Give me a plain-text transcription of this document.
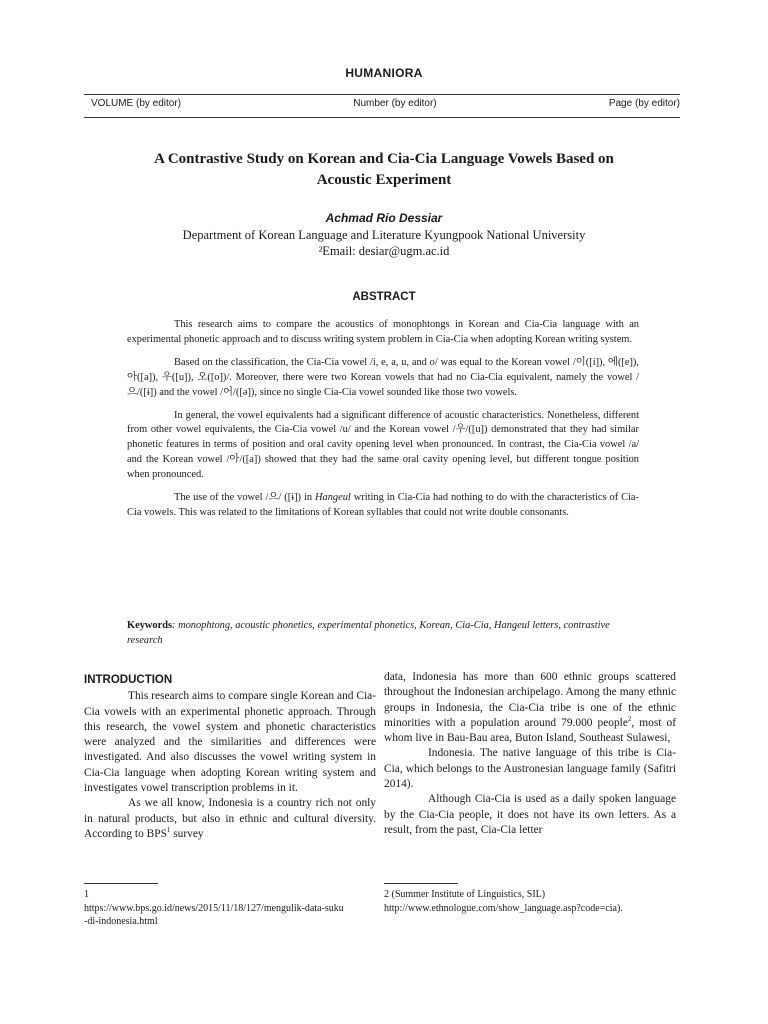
HUMANIORA
VOLUME (by editor)	Number (by editor)	Page (by editor)
A Contrastive Study on Korean and Cia-Cia Language Vowels Based on
Acoustic Experiment
Achmad Rio Dessiar
Department of Korean Language and Literature Kyungpook National University
²Email: desiar@ugm.ac.id
ABSTRACT

This research aims to compare the acoustics of monophtongs in Korean and Cia-Cia language with an experimental phonetic approach and to discuss writing system problem in Cia-Cia when adopting Korean writing system.

Based on the classification, the Cia-Cia vowel /i, e, a, u, and o/ was equal to the Korean vowel /이([i]), 에([e]), 아([a]), 우([u]), 오([o])/. Moreover, there were two Korean vowels that had no Cia-Cia equivalent, namely the vowel /으/([ɨ]) and the vowel /어/([ə]), since no single Cia-Cia vowel sounded like those two vowels.

In general, the vowel equivalents had a significant difference of acoustic characteristics. Nonetheless, different from other vowel equivalents, the Cia-Cia vowel /u/ and the Korean vowel /우/([u]) demonstrated that they had similar phonetic features in terms of position and oral cavity opening level when pronounced. In contrast, the Cia-Cia vowel /a/ and the Korean vowel /아/([a]) showed that they had the same oral cavity opening level, but different tongue position when pronounced.

The use of the vowel /으/ ([ɨ]) in Hangeul writing in Cia-Cia had nothing to do with the characteristics of Cia-Cia vowels. This was related to the limitations of Korean syllables that could not write double consonants.

Keywords: monophtong, acoustic phonetics, experimental phonetics, Korean, Cia-Cia, Hangeul letters, contrastive research
INTRODUCTION

This research aims to compare single Korean and Cia-Cia vowels with an experimental phonetic approach. Through this research, the vowel system and phonetic characteristics were analyzed and the similarities and differences were investigated. And also discusses the vowel writing system in Cia-Cia language when adopting Korean writing system and investigates vowel transcription problems in it.

As we all know, Indonesia is a country rich not only in natural products, but also in ethnic and cultural diversity. According to BPS$^1$ survey

data, Indonesia has more than 600 ethnic groups scattered throughout the Indonesian archipelago. Among the many ethnic groups in Indonesia, the Cia-Cia tribe is one of the ethnic minorities with a population around 79.000 people$^2$, most of whom live in Bau-Bau area, Buton Island, Southeast Sulawesi,

Indonesia. The native language of this tribe is Cia-Cia, which belongs to the Austronesian language family (Safitri 2014).

Although Cia-Cia is used as a daily spoken language by the Cia-Cia people, it does not have its own letters. As a result, from the past, Cia-Cia letter

1
https://www.bps.go.id/news/2015/11/18/127/mengulik-data-suku-di-indonesia.html
2 (Summer Institute of Linguistics, SIL)
http://www.ethnologue.com/show_language.asp?code=cia).
